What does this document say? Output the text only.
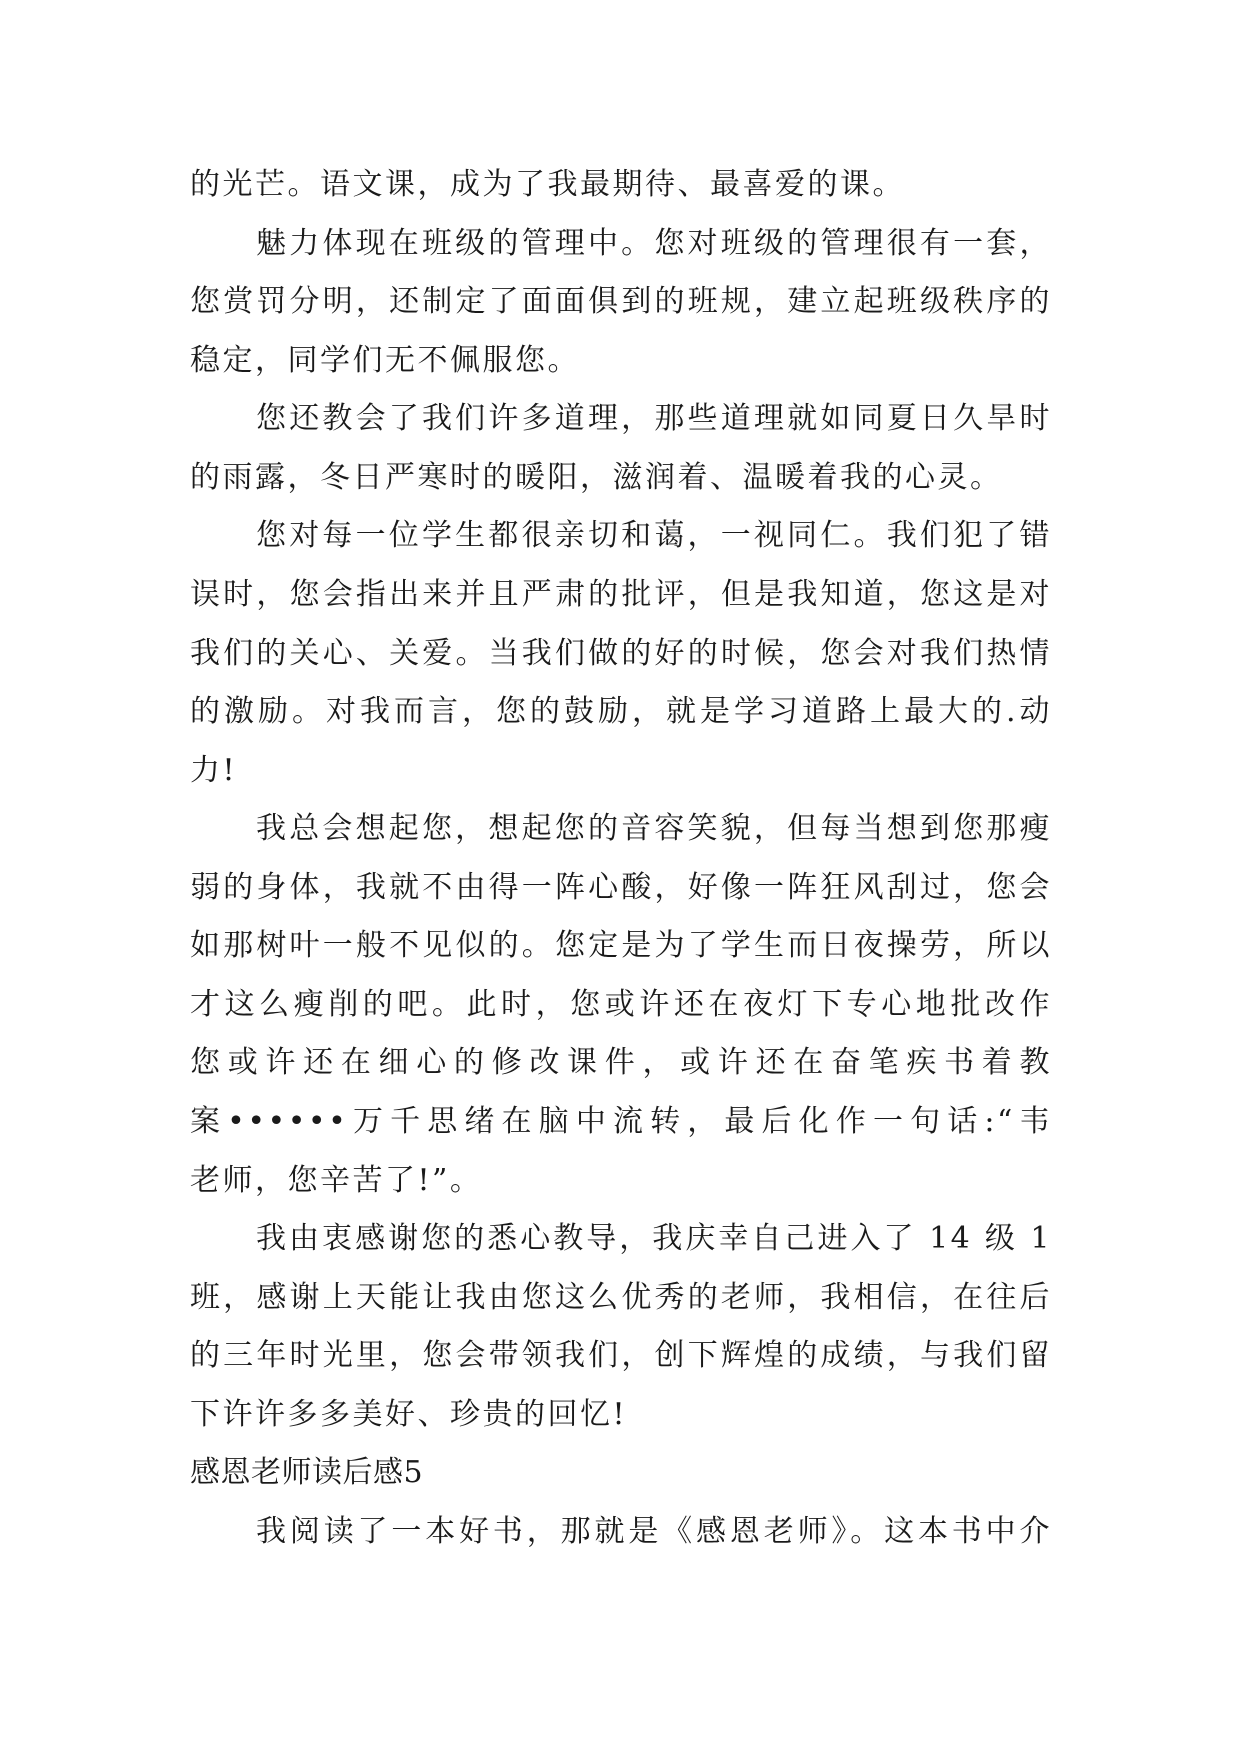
的光芒。语文课，成为了我最期待、最喜爱的课。
魅力体现在班级的管理中。您对班级的管理很有一套，
您赏罚分明，还制定了面面俱到的班规，建立起班级秩序的
稳定，同学们无不佩服您。
您还教会了我们许多道理，那些道理就如同夏日久旱时
的雨露，冬日严寒时的暖阳，滋润着、温暖着我的心灵。
您对每一位学生都很亲切和蔼，一视同仁。我们犯了错
误时，您会指出来并且严肃的批评，但是我知道，您这是对
我们的关心、关爱。当我们做的好的时候，您会对我们热情
的激励。对我而言，您的鼓励，就是学习道路上最大的.动
力!
我总会想起您，想起您的音容笑貌，但每当想到您那瘦
弱的身体，我就不由得一阵心酸，好像一阵狂风刮过，您会
如那树叶一般不见似的。您定是为了学生而日夜操劳，所以
才这么瘦削的吧。此时，您或许还在夜灯下专心地批改作
您或许还在细心的修改课件，或许还在奋笔疾书着教
案••••••万千思绪在脑中流转，最后化作一句话:“韦
老师，您辛苦了!”。
我由衷感谢您的悉心教导，我庆幸自己进入了 14 级 1
班，感谢上天能让我由您这么优秀的老师，我相信，在往后
的三年时光里，您会带领我们，创下辉煌的成绩，与我们留
下许许多多美好、珍贵的回忆!
感恩老师读后感5
我阅读了一本好书，那就是《感恩老师》。这本书中介
